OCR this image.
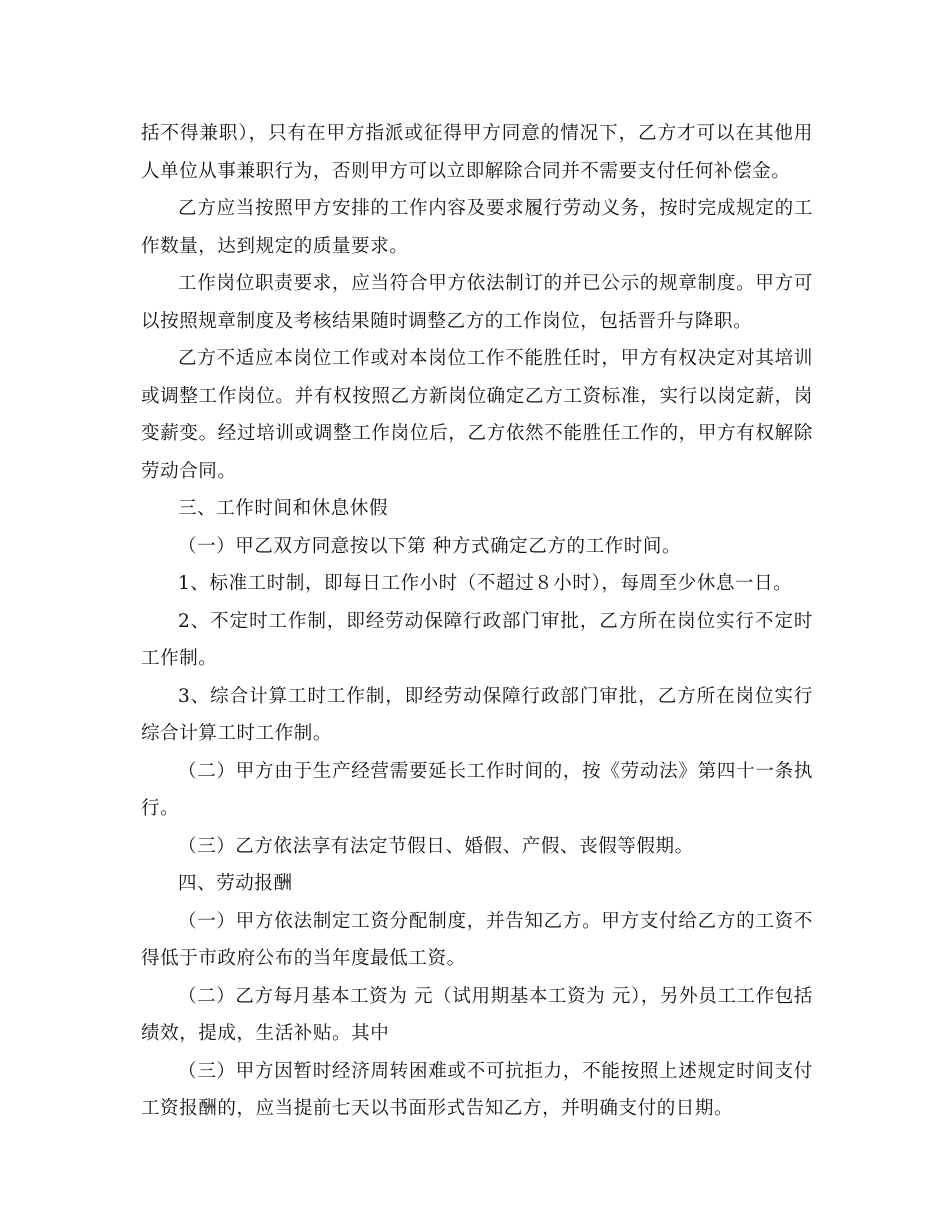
括不得兼职），只有在甲方指派或征得甲方同意的情况下，乙方才可以在其他用人单位从事兼职行为，否则甲方可以立即解除合同并不需要支付任何补偿金。

乙方应当按照甲方安排的工作内容及要求履行劳动义务，按时完成规定的工作数量，达到规定的质量要求。

工作岗位职责要求，应当符合甲方依法制订的并已公示的规章制度。甲方可以按照规章制度及考核结果随时调整乙方的工作岗位，包括晋升与降职。

乙方不适应本岗位工作或对本岗位工作不能胜任时，甲方有权决定对其培训或调整工作岗位。并有权按照乙方新岗位确定乙方工资标准，实行以岗定薪，岗变薪变。经过培训或调整工作岗位后，乙方依然不能胜任工作的，甲方有权解除劳动合同。

三、工作时间和休息休假

（一）甲乙双方同意按以下第 种方式确定乙方的工作时间。

1、标准工时制，即每日工作小时（不超过８小时），每周至少休息一日。

2、不定时工作制，即经劳动保障行政部门审批，乙方所在岗位实行不定时工作制。

3、综合计算工时工作制，即经劳动保障行政部门审批，乙方所在岗位实行综合计算工时工作制。

（二）甲方由于生产经营需要延长工作时间的，按《劳动法》第四十一条执行。

（三）乙方依法享有法定节假日、婚假、产假、丧假等假期。

四、劳动报酬

（一）甲方依法制定工资分配制度，并告知乙方。甲方支付给乙方的工资不得低于市政府公布的当年度最低工资。

（二）乙方每月基本工资为 元（试用期基本工资为 元），另外员工工作包括绩效，提成，生活补贴。其中

（三）甲方因暂时经济周转困难或不可抗拒力，不能按照上述规定时间支付工资报酬的，应当提前七天以书面形式告知乙方，并明确支付的日期。
